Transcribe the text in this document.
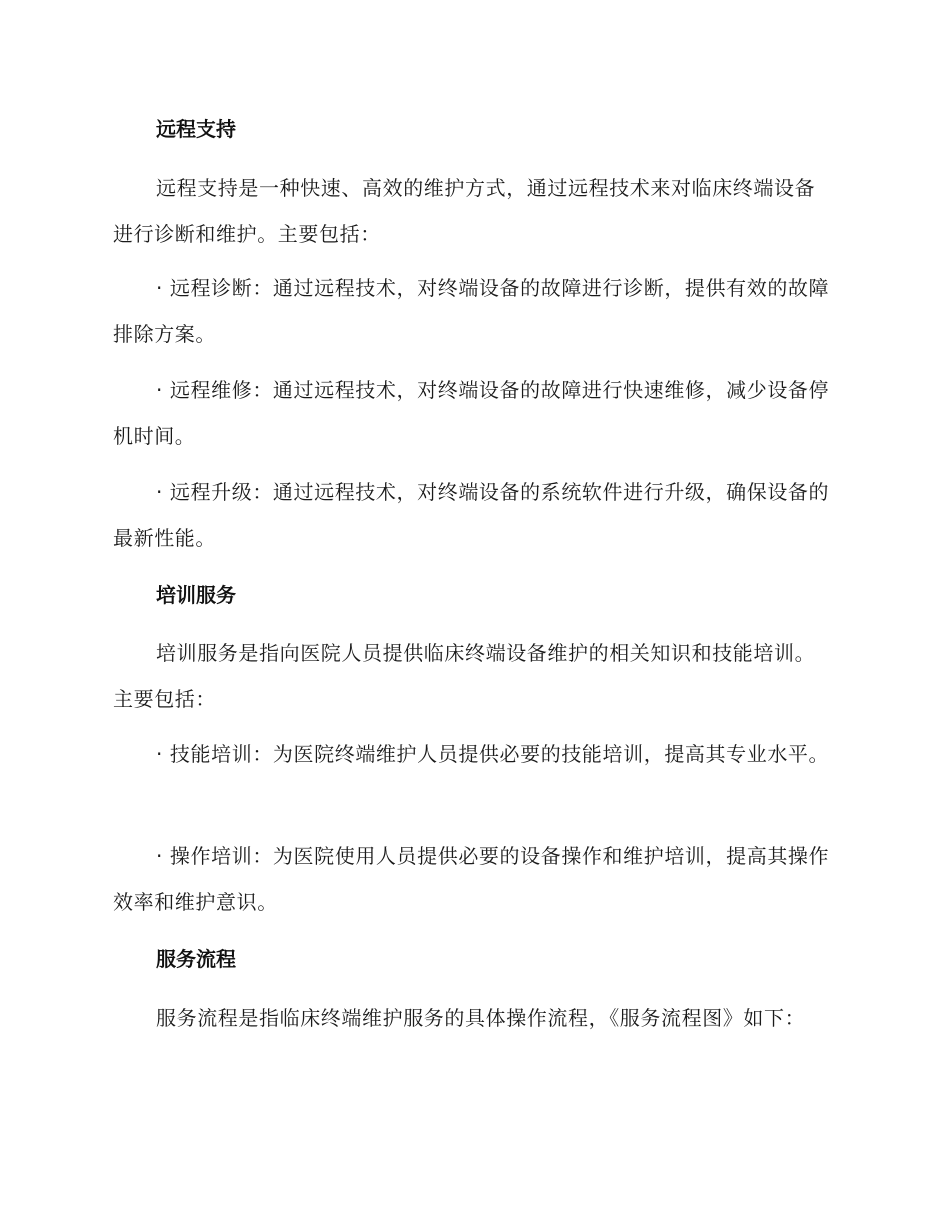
远程支持
远程支持是一种快速、高效的维护方式，通过远程技术来对临床终端设备进行诊断和维护。主要包括：
· 远程诊断：通过远程技术，对终端设备的故障进行诊断，提供有效的故障排除方案。
· 远程维修：通过远程技术，对终端设备的故障进行快速维修，减少设备停机时间。
· 远程升级：通过远程技术，对终端设备的系统软件进行升级，确保设备的最新性能。
培训服务
培训服务是指向医院人员提供临床终端设备维护的相关知识和技能培训。主要包括：
· 技能培训：为医院终端维护人员提供必要的技能培训，提高其专业水平。
· 操作培训：为医院使用人员提供必要的设备操作和维护培训，提高其操作效率和维护意识。
服务流程
服务流程是指临床终端维护服务的具体操作流程，《服务流程图》如下：
